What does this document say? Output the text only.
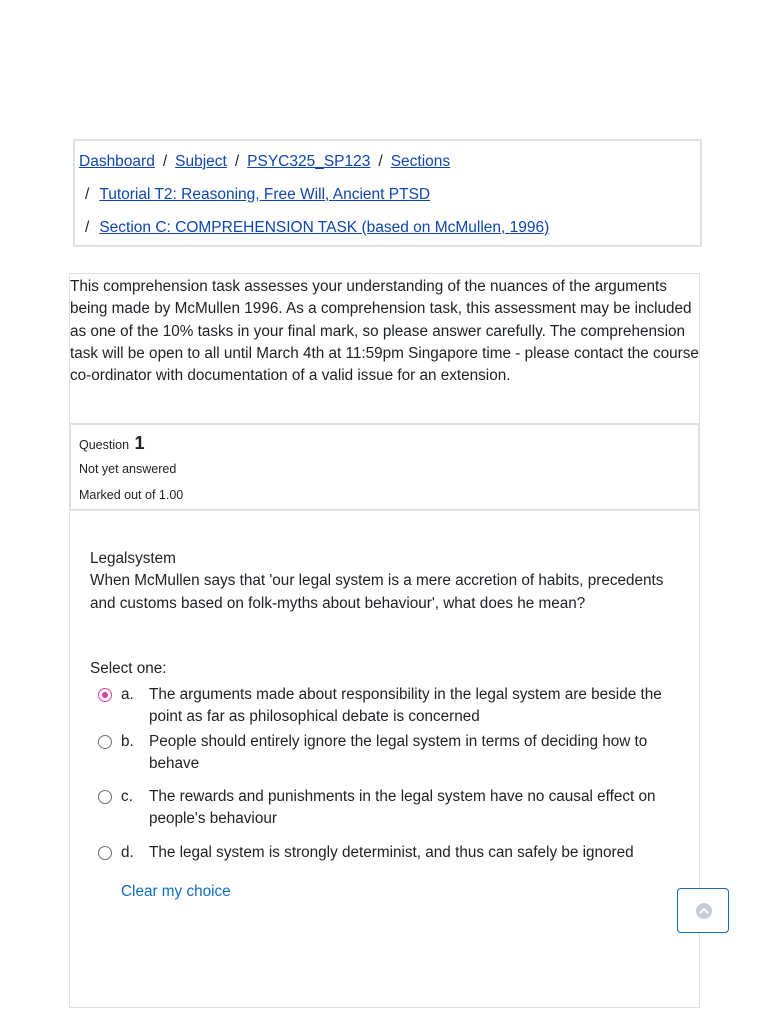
Dashboard / Subject / PSYC325_SP123 / Sections
/ Tutorial T2: Reasoning, Free Will, Ancient PTSD
/ Section C: COMPREHENSION TASK (based on McMullen, 1996)
This comprehension task assesses your understanding of the nuances of the arguments being made by McMullen 1996. As a comprehension task, this assessment may be included as one of the 10% tasks in your final mark, so please answer carefully. The comprehension task will be open to all until March 4th at 11:59pm Singapore time - please contact the course co-ordinator with documentation of a valid issue for an extension.
Question 1
Not yet answered
Marked out of 1.00
Legalsystem
When McMullen says that 'our legal system is a mere accretion of habits, precedents and customs based on folk-myths about behaviour', what does he mean?
Select one:
a. The arguments made about responsibility in the legal system are beside the point as far as philosophical debate is concerned
b. People should entirely ignore the legal system in terms of deciding how to behave
c. The rewards and punishments in the legal system have no causal effect on people's behaviour
d. The legal system is strongly determinist, and thus can safely be ignored
Clear my choice
